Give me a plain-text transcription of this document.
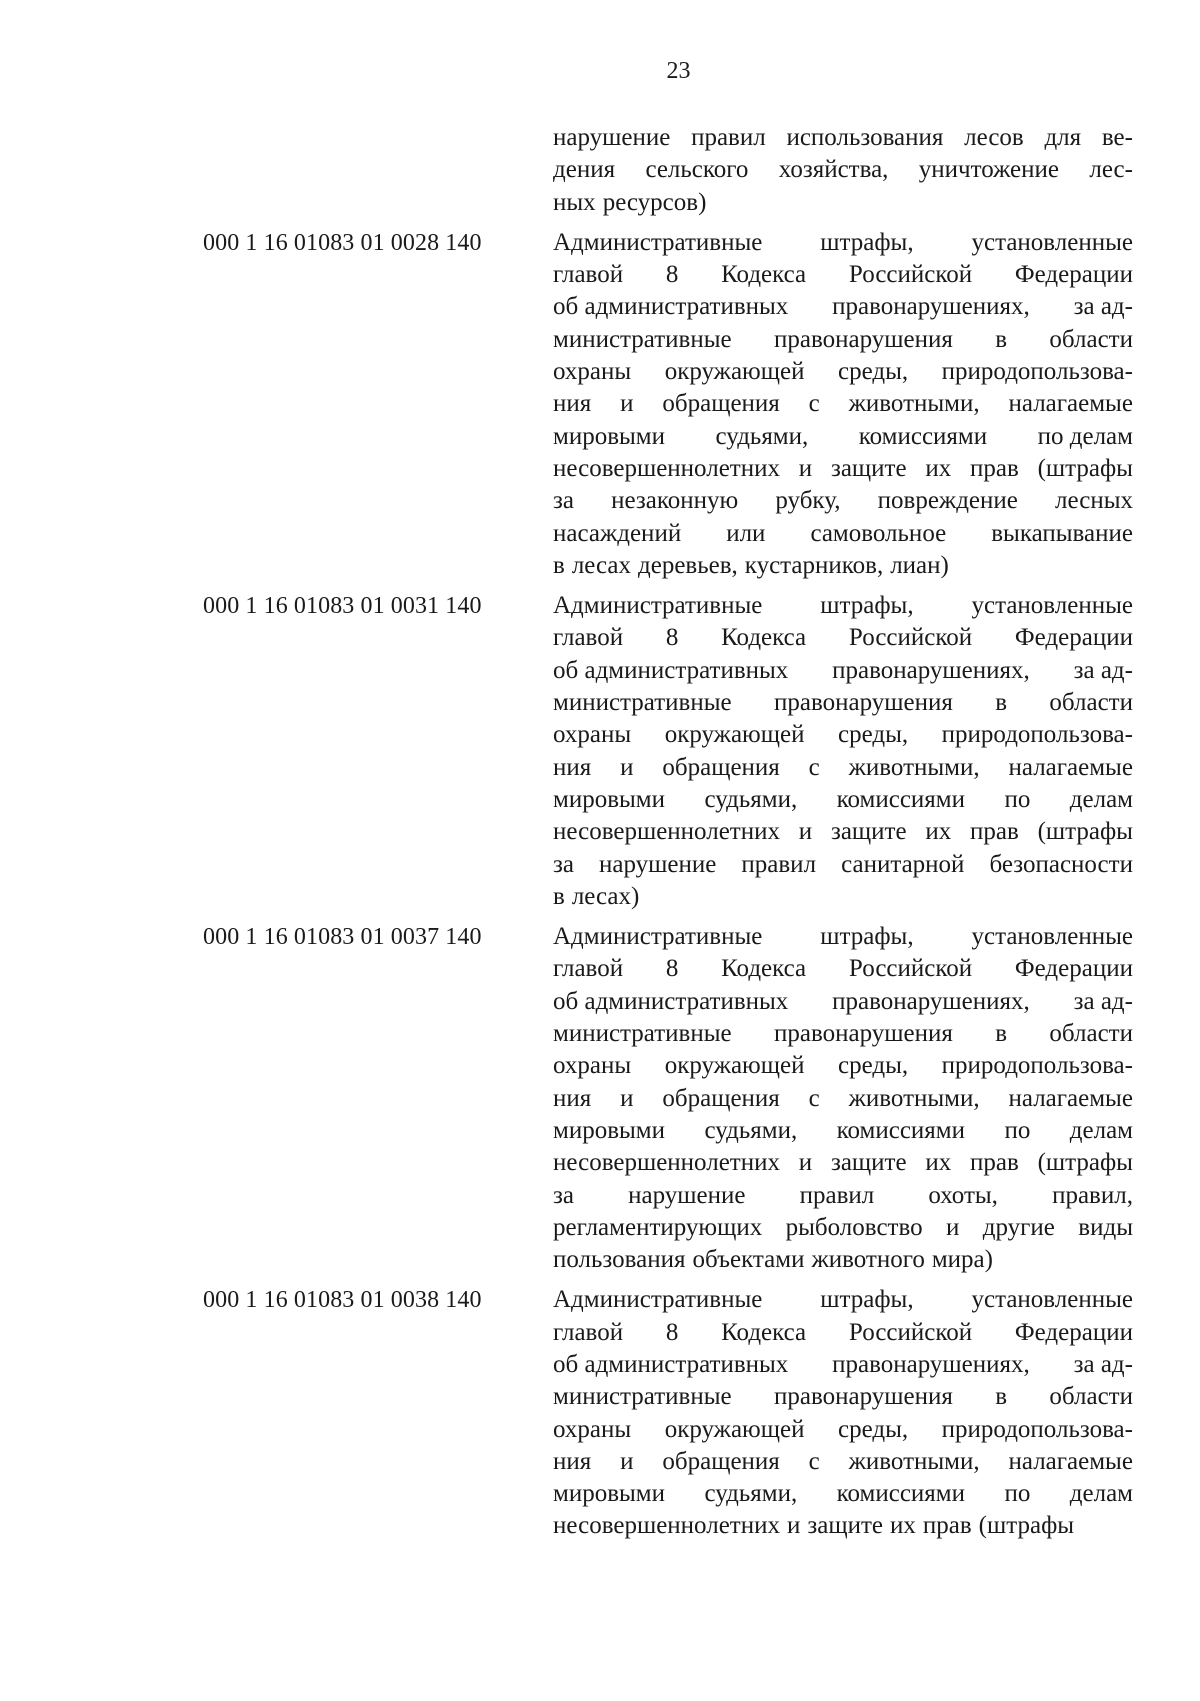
23
нарушение правил использования лесов для ве-
дения сельского хозяйства, уничтожение лес-
ных ресурсов)
000 1 16 01083 01 0028 140	Административные штрафы, установленные
главой 8 Кодекса Российской Федерации
об административных правонарушениях, за ад-
министративные правонарушения в области
охраны окружающей среды, природопользова-
ния и обращения с животными, налагаемые
мировыми судьями, комиссиями по делам
несовершеннолетних и защите их прав (штрафы
за незаконную рубку, повреждение лесных
насаждений или самовольное выкапывание
в лесах деревьев, кустарников, лиан)
000 1 16 01083 01 0031 140	Административные штрафы, установленные
главой 8 Кодекса Российской Федерации
об административных правонарушениях, за ад-
министративные правонарушения в области
охраны окружающей среды, природопользова-
ния и обращения с животными, налагаемые
мировыми судьями, комиссиями по делам
несовершеннолетних и защите их прав (штрафы
за нарушение правил санитарной безопасности
в лесах)
000 1 16 01083 01 0037 140	Административные штрафы, установленные
главой 8 Кодекса Российской Федерации
об административных правонарушениях, за ад-
министративные правонарушения в области
охраны окружающей среды, природопользова-
ния и обращения с животными, налагаемые
мировыми судьями, комиссиями по делам
несовершеннолетних и защите их прав (штрафы
за нарушение правил охоты, правил,
регламентирующих рыболовство и другие виды
пользования объектами животного мира)
000 1 16 01083 01 0038 140	Административные штрафы, установленные
главой 8 Кодекса Российской Федерации
об административных правонарушениях, за ад-
министративные правонарушения в области
охраны окружающей среды, природопользова-
ния и обращения с животными, налагаемые
мировыми судьями, комиссиями по делам
несовершеннолетних и защите их прав (штрафы
